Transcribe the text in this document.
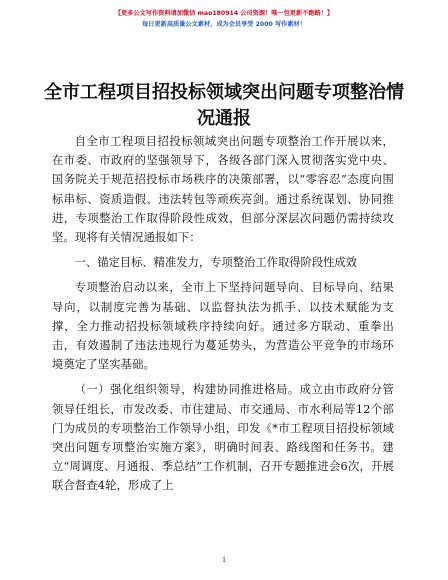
【更多公文写作资料请加微信 mao180914 公司资源！唯一包更新不跑路！】
每日更新高质量公文素材，成为会员享受 2000 写作素材！
全市工程项目招投标领域突出问题专项整治情况通报

自全市工程项目招投标领域突出问题专项整治工作开展以来，在市委、市政府的坚强领导下，各级各部门深入贯彻落实党中央、国务院关于规范招投标市场秩序的决策部署，以“零容忍”态度向围标串标、资质造假、违法转包等顽疾亮剑。通过系统谋划、协同推进，专项整治工作取得阶段性成效，但部分深层次问题仍需持续攻坚。现将有关情况通报如下：

一、锚定目标、精准发力，专项整治工作取得阶段性成效

专项整治启动以来，全市上下坚持问题导向、目标导向、结果导向，以制度完善为基础、以监督执法为抓手、以技术赋能为支撑，全力推动招投标领域秩序持续向好。通过多方联动、重拳出击，有效遏制了违法违规行为蔓延势头，为营造公平竞争的市场环境奠定了坚实基础。

（一）强化组织领导，构建协同推进格局。成立由市政府分管领导任组长，市发改委、市住建局、市交通局、市水利局等12个部门为成员的专项整治工作领导小组，印发《*市工程项目招投标领域突出问题专项整治实施方案》，明确时间表、路线图和任务书。建立“周调度、月通报、季总结”工作机制，召开专题推进会6次，开展联合督查4轮，形成了上

1
